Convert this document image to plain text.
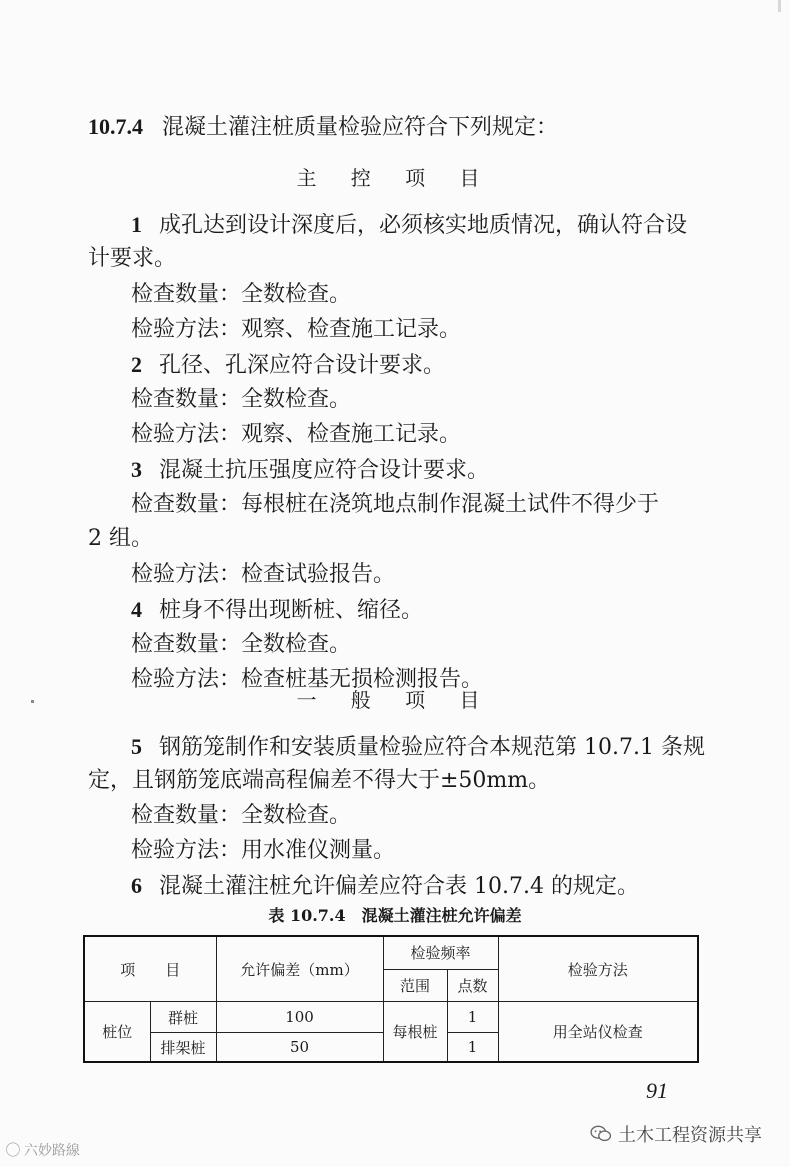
10.7.4 混凝土灌注桩质量检验应符合下列规定：
主 控 项 目
1 成孔达到设计深度后，必须核实地质情况，确认符合设
计要求。
检查数量：全数检查。
检验方法：观察、检查施工记录。
2 孔径、孔深应符合设计要求。
检查数量：全数检查。
检验方法：观察、检查施工记录。
3 混凝土抗压强度应符合设计要求。
检查数量：每根桩在浇筑地点制作混凝土试件不得少于
2 组。
检验方法：检查试验报告。
4 桩身不得出现断桩、缩径。
检查数量：全数检查。
检验方法：检查桩基无损检测报告。
一 般 项 目
5 钢筋笼制作和安装质量检验应符合本规范第 10.7.1 条规
定，且钢筋笼底端高程偏差不得大于±50mm。
检查数量：全数检查。
检验方法：用水准仪测量。
6 混凝土灌注桩允许偏差应符合表 10.7.4 的规定。
表 10.7.4　混凝土灌注桩允许偏差
项　　目		允许偏差（mm）	检验频率		检验方法
			范围	点数	
桩位	群桩	100	每根桩	1	用全站仪检查
	排架桩	50		1	
91
◯ 六妙路線
土木工程资源共享
